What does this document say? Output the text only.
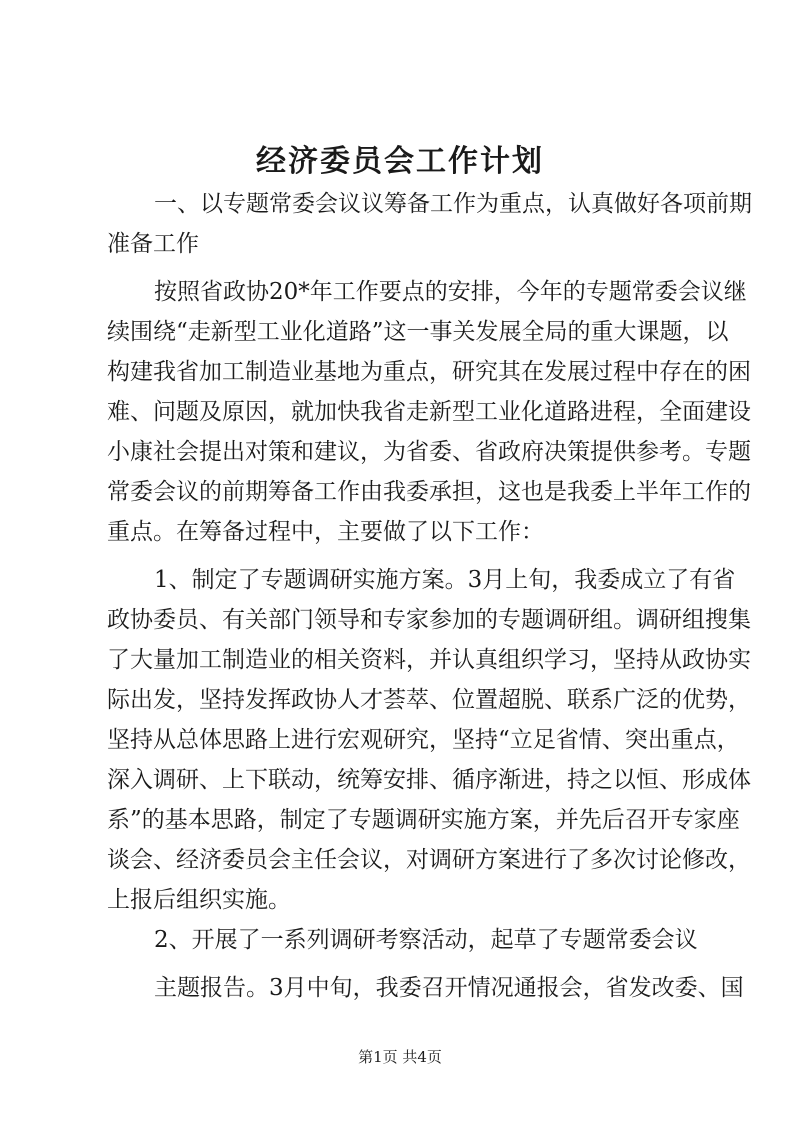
经济委员会工作计划
一、以专题常委会议议筹备工作为重点，认真做好各项前期
准备工作
按照省政协20*年工作要点的安排，今年的专题常委会议继
续围绕“走新型工业化道路”这一事关发展全局的重大课题，以
构建我省加工制造业基地为重点，研究其在发展过程中存在的困
难、问题及原因，就加快我省走新型工业化道路进程，全面建设
小康社会提出对策和建议，为省委、省政府决策提供参考。专题
常委会议的前期筹备工作由我委承担，这也是我委上半年工作的
重点。在筹备过程中，主要做了以下工作：
1、制定了专题调研实施方案。3月上旬，我委成立了有省
政协委员、有关部门领导和专家参加的专题调研组。调研组搜集
了大量加工制造业的相关资料，并认真组织学习，坚持从政协实
际出发，坚持发挥政协人才荟萃、位置超脱、联系广泛的优势，
坚持从总体思路上进行宏观研究，坚持“立足省情、突出重点，
深入调研、上下联动，统筹安排、循序渐进，持之以恒、形成体
系”的基本思路，制定了专题调研实施方案，并先后召开专家座
谈会、经济委员会主任会议，对调研方案进行了多次讨论修改，
上报后组织实施。
2、开展了一系列调研考察活动，起草了专题常委会议
主题报告。3月中旬，我委召开情况通报会，省发改委、国
第1页 共4页
